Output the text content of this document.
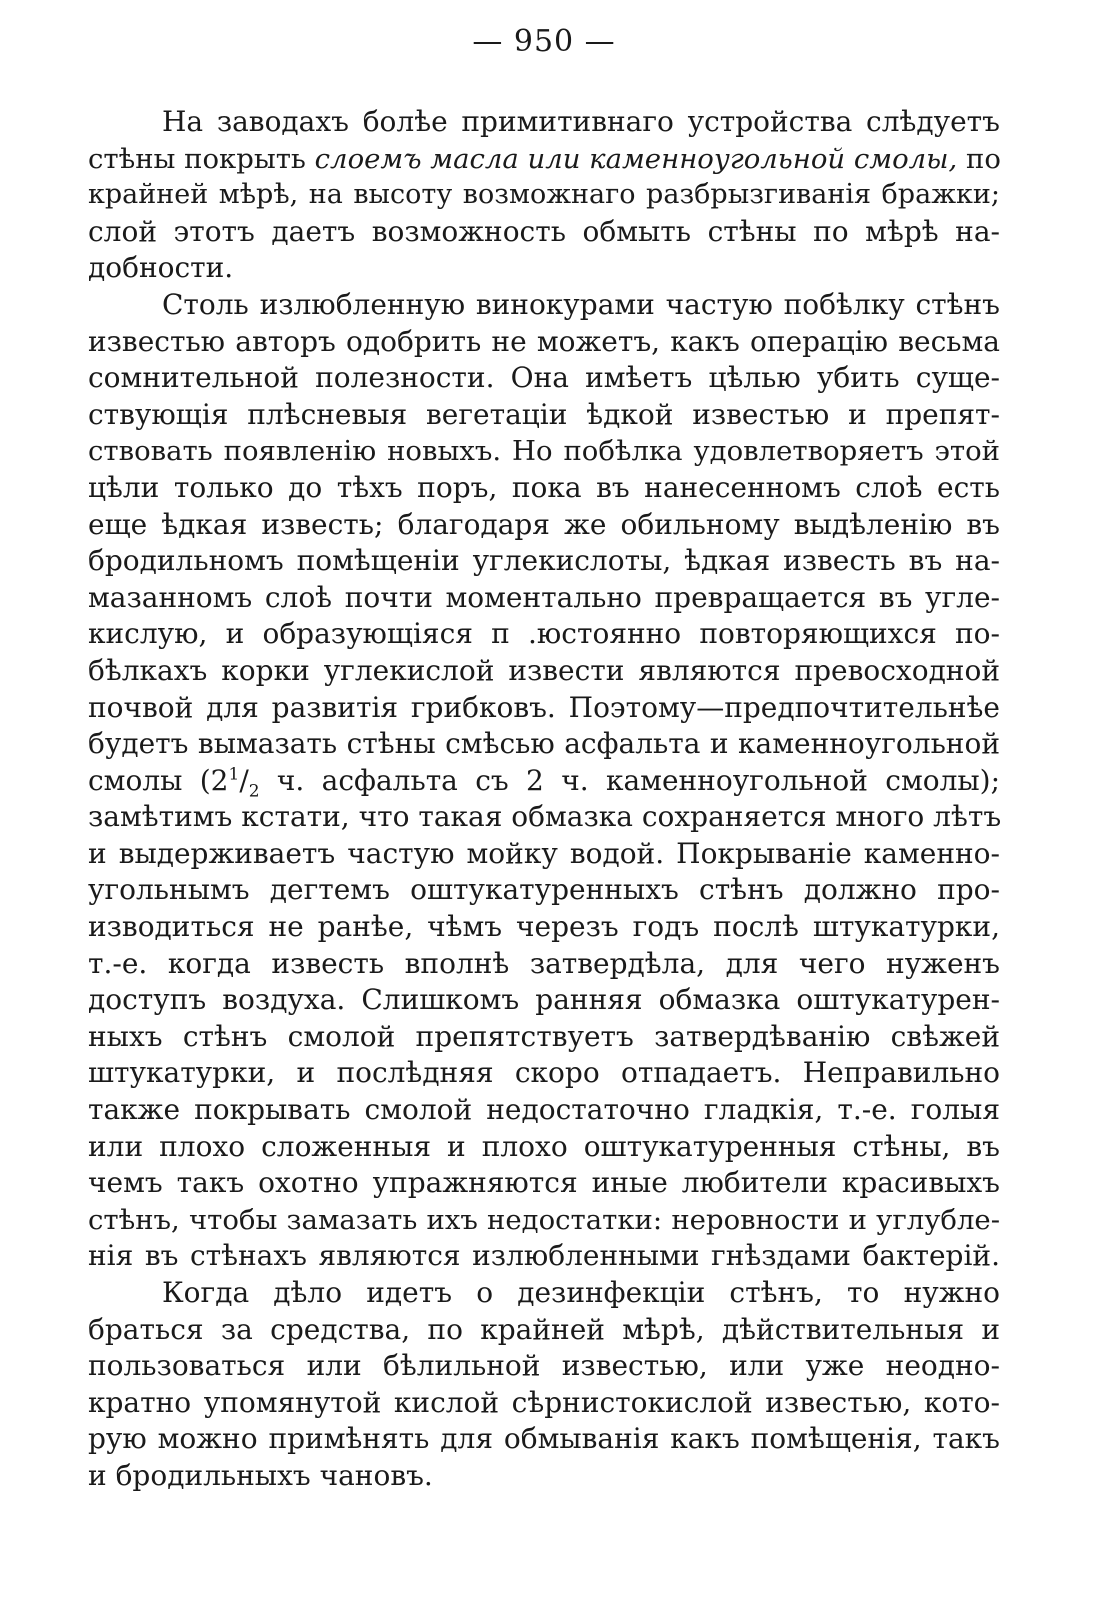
— 950 —
На заводахъ болѣе примитивнаго устройства слѣдуетъ
стѣны покрыть слоемъ масла или каменноугольной смолы, по
крайней мѣрѣ, на высоту возможнаго разбрызгиванія бражки;
слой этотъ даетъ возможность обмыть стѣны по мѣрѣ на-
добности.
Столь излюбленную винокурами частую побѣлку стѣнъ
известью авторъ одобрить не можетъ, какъ операцію весьма
сомнительной полезности. Она имѣетъ цѣлью убить суще-
ствующія плѣсневыя вегетаціи ѣдкой известью и препят-
ствовать появленію новыхъ. Но побѣлка удовлетворяетъ этой
цѣли только до тѣхъ поръ, пока въ нанесенномъ слоѣ есть
еще ѣдкая известь; благодаря же обильному выдѣленію въ
бродильномъ помѣщеніи углекислоты, ѣдкая известь въ на-
мазанномъ слоѣ почти моментально превращается въ угле-
кислую, и образующіяся п .юстоянно повторяющихся по-
бѣлкахъ корки углекислой извести являются превосходной
почвой для развитія грибковъ. Поэтому—предпочтительнѣе
будетъ вымазать стѣны смѣсью асфальта и каменноугольной
смолы ($2^1/_2$ ч. асфальта съ 2 ч. каменноугольной смолы);
замѣтимъ кстати, что такая обмазка сохраняется много лѣтъ
и выдерживаетъ частую мойку водой. Покрываніе каменно-
угольнымъ дегтемъ оштукатуренныхъ стѣнъ должно про-
изводиться не ранѣе, чѣмъ черезъ годъ послѣ штукатурки,
т.-е. когда известь вполнѣ затвердѣла, для чего нуженъ
доступъ воздуха. Слишкомъ ранняя обмазка оштукатурен-
ныхъ стѣнъ смолой препятствуетъ затвердѣванію свѣжей
штукатурки, и послѣдняя скоро отпадаетъ. Неправильно
также покрывать смолой недостаточно гладкія, т.-е. голыя
или плохо сложенныя и плохо оштукатуренныя стѣны, въ
чемъ такъ охотно упражняются иные любители красивыхъ
стѣнъ, чтобы замазать ихъ недостатки: неровности и углубле-
нія въ стѣнахъ являются излюбленными гнѣздами бактерій.
Когда дѣло идетъ о дезинфекціи стѣнъ, то нужно
браться за средства, по крайней мѣрѣ, дѣйствительныя и
пользоваться или бѣлильной известью, или уже неодно-
кратно упомянутой кислой сѣрнистокислой известью, кото-
рую можно примѣнять для обмыванія какъ помѣщенія, такъ
и бродильныхъ чановъ.
